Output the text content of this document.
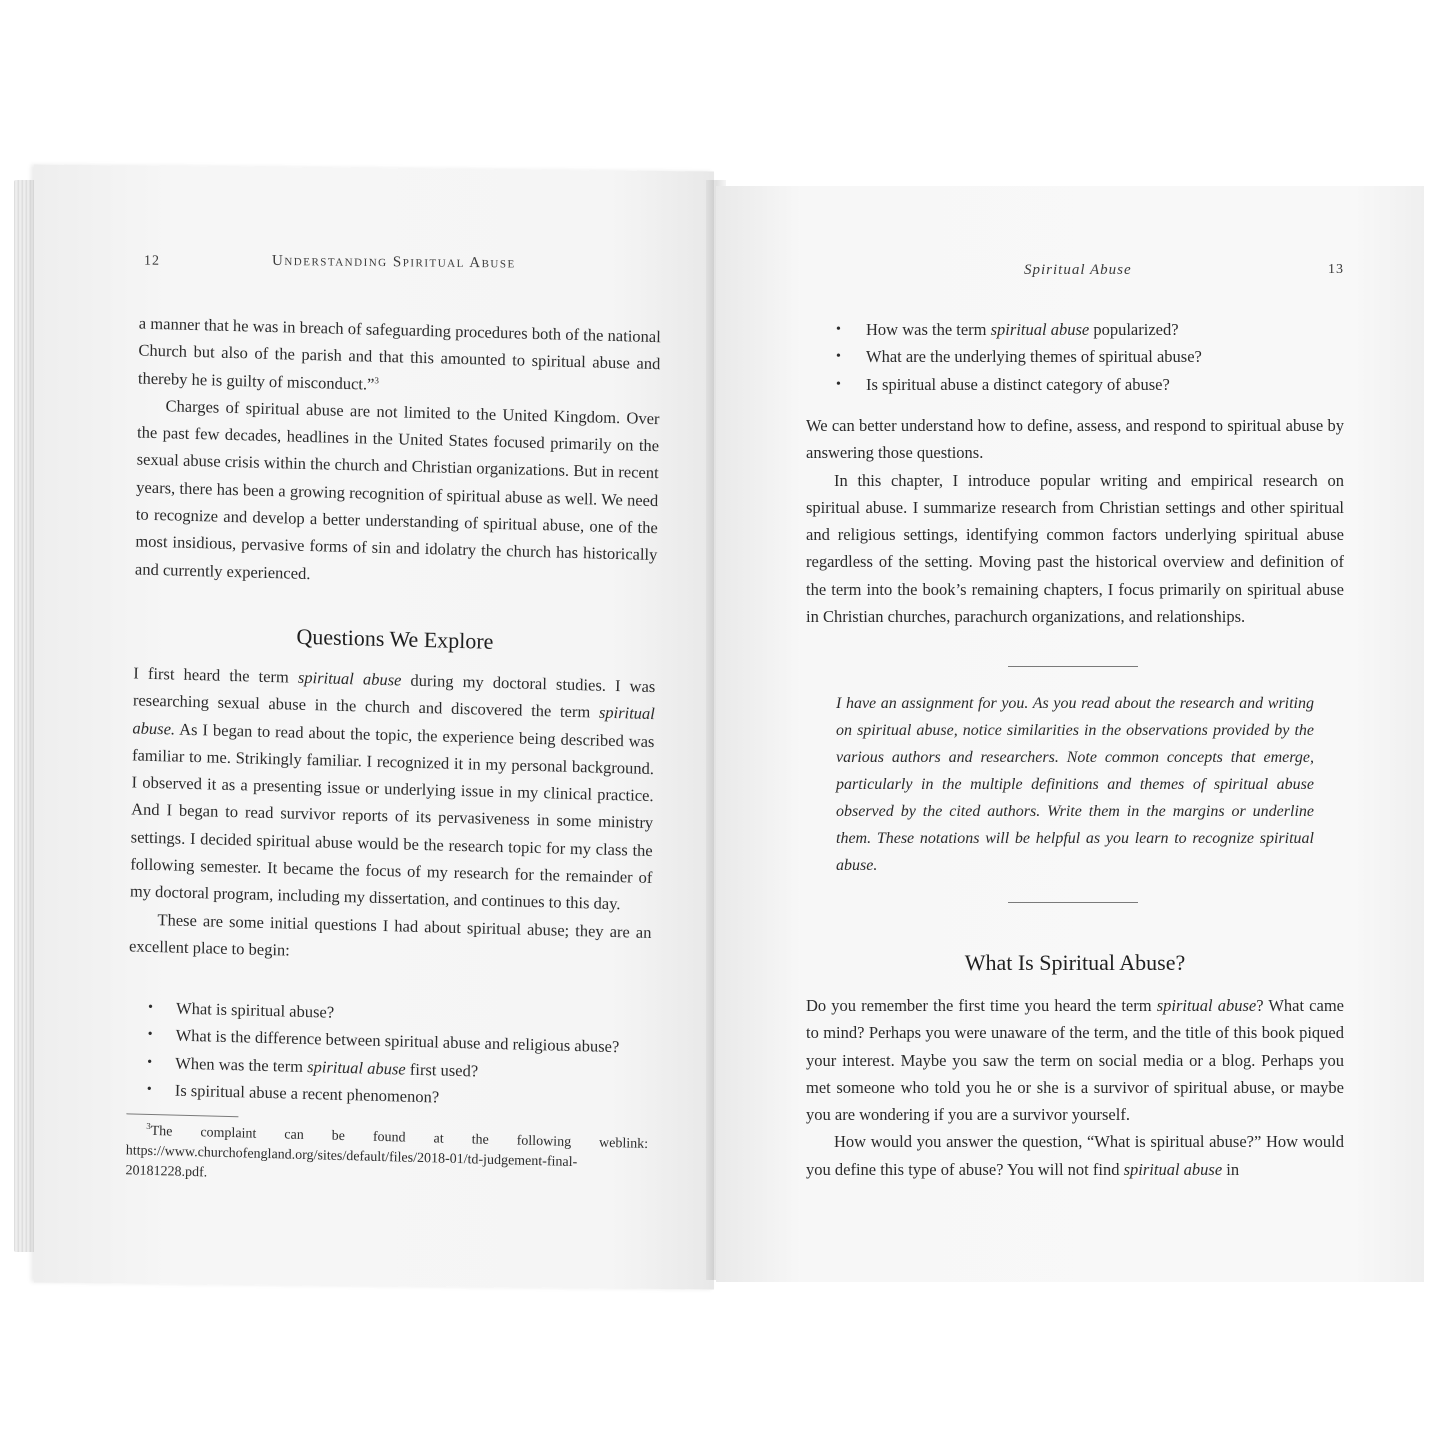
12	Understanding Spiritual Abuse

a manner that he was in breach of safeguarding procedures both of the national Church but also of the parish and that this amounted to spiritual abuse and thereby he is guilty of misconduct.”$^3$

Charges of spiritual abuse are not limited to the United Kingdom. Over the past few decades, headlines in the United States focused primarily on the sexual abuse crisis within the church and Christian organizations. But in recent years, there has been a growing recognition of spiritual abuse as well. We need to recognize and develop a better understanding of spiritual abuse, one of the most insidious, pervasive forms of sin and idolatry the church has historically and currently experienced.

Questions We Explore

I first heard the term spiritual abuse during my doctoral studies. I was researching sexual abuse in the church and discovered the term spiritual abuse. As I began to read about the topic, the experience being described was familiar to me. Strikingly familiar. I recognized it in my personal background. I observed it as a presenting issue or underlying issue in my clinical practice. And I began to read survivor reports of its pervasiveness in some ministry settings. I decided spiritual abuse would be the research topic for my class the following semester. It became the focus of my research for the remainder of my doctoral program, including my dissertation, and continues to this day.

These are some initial questions I had about spiritual abuse; they are an excellent place to begin:

• What is spiritual abuse?
• What is the difference between spiritual abuse and religious abuse?
• When was the term spiritual abuse first used?
• Is spiritual abuse a recent phenomenon?
$^3$The complaint can be found at the following weblink: https://www.churchofengland.org/sites/default/files/2018-01/td-judgement-final-20181228.pdf.
Spiritual Abuse	13
• How was the term spiritual abuse popularized?
• What are the underlying themes of spiritual abuse?
• Is spiritual abuse a distinct category of abuse?

We can better understand how to define, assess, and respond to spiritual abuse by answering those questions.

In this chapter, I introduce popular writing and empirical research on spiritual abuse. I summarize research from Christian settings and other spiritual and religious settings, identifying common factors underlying spiritual abuse regardless of the setting. Moving past the historical overview and definition of the term into the book’s remaining chapters, I focus primarily on spiritual abuse in Christian churches, parachurch organizations, and relationships.

I have an assignment for you. As you read about the research and writing on spiritual abuse, notice similarities in the observations provided by the various authors and researchers. Note common concepts that emerge, particularly in the multiple definitions and themes of spiritual abuse observed by the cited authors. Write them in the margins or underline them. These notations will be helpful as you learn to recognize spiritual abuse.
What Is Spiritual Abuse?

Do you remember the first time you heard the term spiritual abuse? What came to mind? Perhaps you were unaware of the term, and the title of this book piqued your interest. Maybe you saw the term on social media or a blog. Perhaps you met someone who told you he or she is a survivor of spiritual abuse, or maybe you are wondering if you are a survivor yourself.

How would you answer the question, “What is spiritual abuse?” How would you define this type of abuse? You will not find spiritual abuse in
